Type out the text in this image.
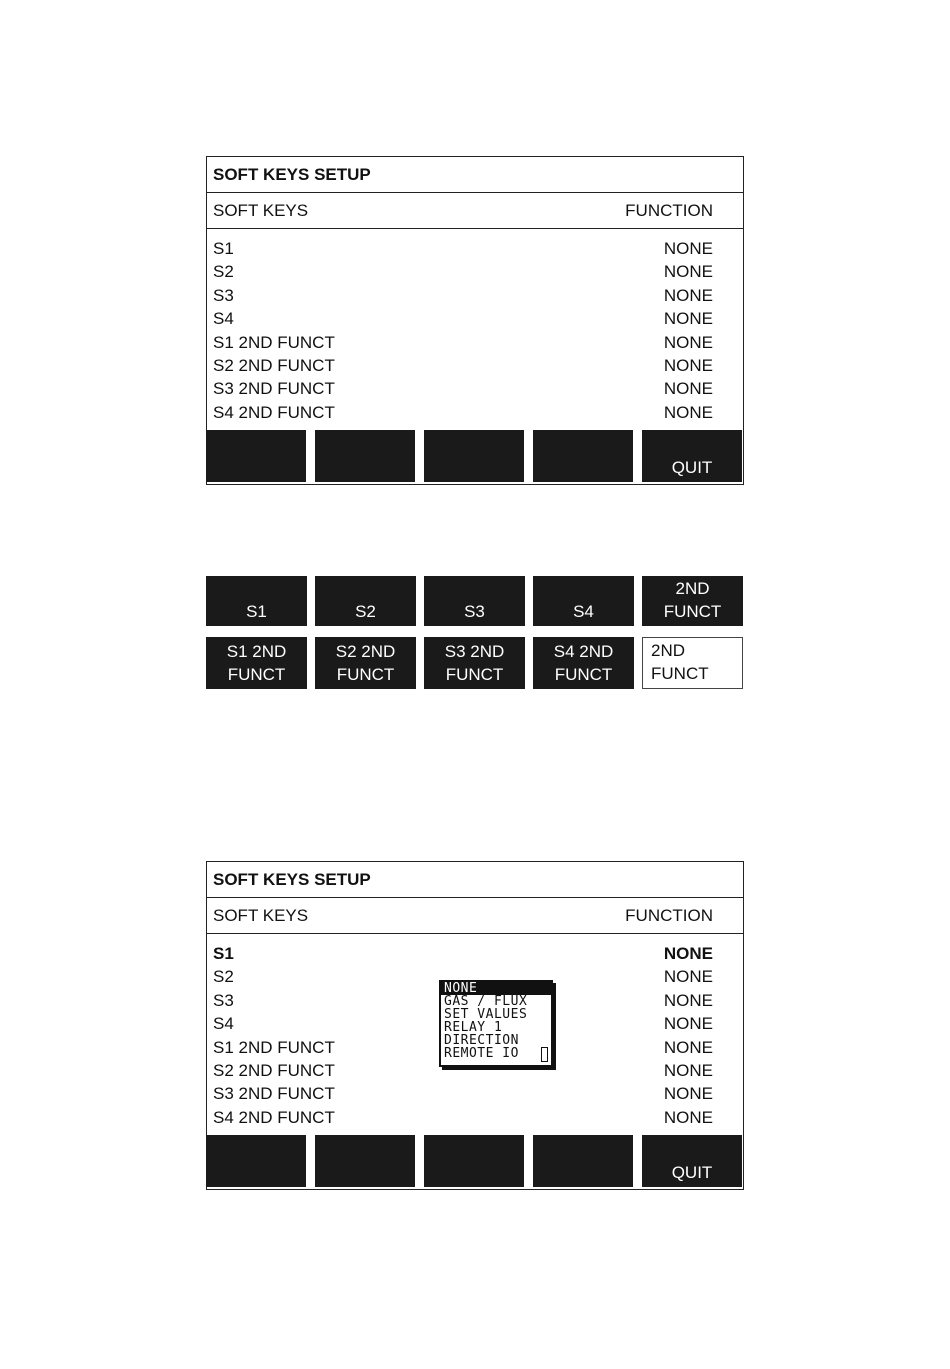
SOFT KEYS SETUP
SOFT KEYS	FUNCTION
S1	NONE
S2	NONE
S3	NONE
S4	NONE
S1 2ND FUNCT	NONE
S2 2ND FUNCT	NONE
S3 2ND FUNCT	NONE
S4 2ND FUNCT	NONE
QUIT
S1	S2	S3	S4
2ND
FUNCT
S1 2ND
FUNCT
S2 2ND
FUNCT
S3 2ND
FUNCT
S4 2ND
FUNCT
2ND
FUNCT
SOFT KEYS SETUP
SOFT KEYS	FUNCTION
S1	NONE
S2	NONE
S3	NONE
S4	NONE
S1 2ND FUNCT	NONE
S2 2ND FUNCT	NONE
S3 2ND FUNCT	NONE
S4 2ND FUNCT	NONE
QUIT
NONE
GAS / FLUX
SET VALUES
RELAY 1
DIRECTION
REMOTE IO
